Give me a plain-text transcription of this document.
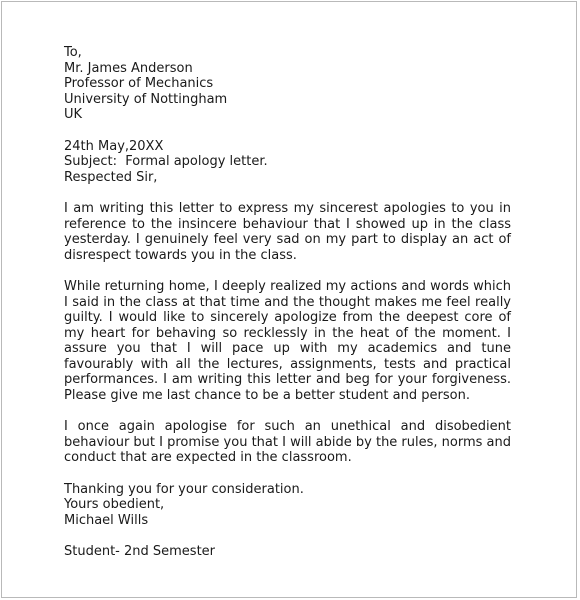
To,
Mr. James Anderson
Professor of Mechanics
University of Nottingham
UK
24th May,20XX
Subject:  Formal apology letter.
Respected Sir,

I am writing this letter to express my sincerest apologies to you in reference to the insincere behaviour that I showed up in the class yesterday. I genuinely feel very sad on my part to display an act of disrespect towards you in the class.

While returning home, I deeply realized my actions and words which I said in the class at that time and the thought makes me feel really guilty. I would like to sincerely apologize from the deepest core of my heart for behaving so recklessly in the heat of the moment. I assure you that I will pace up with my academics and tune favourably with all the lectures, assignments, tests and practical performances. I am writing this letter and beg for your forgiveness. Please give me last chance to be a better student and person.

I once again apologise for such an unethical and disobedient behaviour but I promise you that I will abide by the rules, norms and conduct that are expected in the classroom.

Thanking you for your consideration.
Yours obedient,
Michael Wills
Student- 2nd Semester
